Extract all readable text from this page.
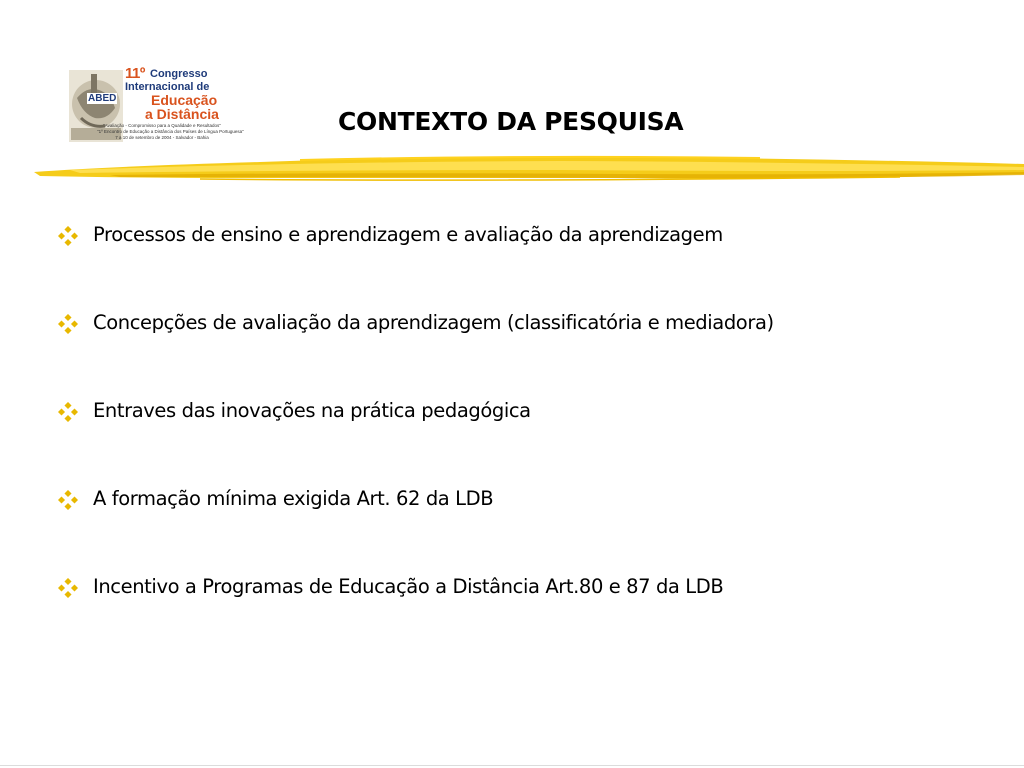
ABED
11º Congresso
Internacional de
Educação
a Distância
"Avaliação - Compromisso para a Qualidade e Resultados"
"1º Encontro de Educação a Distância dos Países de Língua Portuguesa"
7 a 10 de setembro de 2004 - Salvador - Bahia
CONTEXTO DA PESQUISA
Processos de ensino e aprendizagem e avaliação da aprendizagem
Concepções de avaliação da aprendizagem (classificatória e mediadora)
Entraves das inovações na prática pedagógica
A formação mínima exigida Art. 62 da LDB
Incentivo a Programas de Educação a Distância Art.80 e 87 da LDB
